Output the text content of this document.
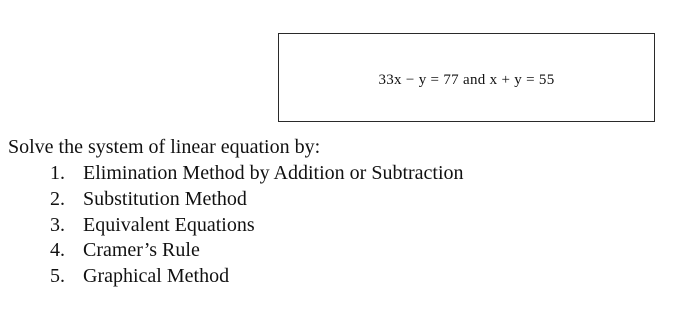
33x − y = 77 and x + y = 55
Solve the system of linear equation by:
1. Elimination Method by Addition or Subtraction
2. Substitution Method
3. Equivalent Equations
4. Cramer’s Rule
5. Graphical Method
